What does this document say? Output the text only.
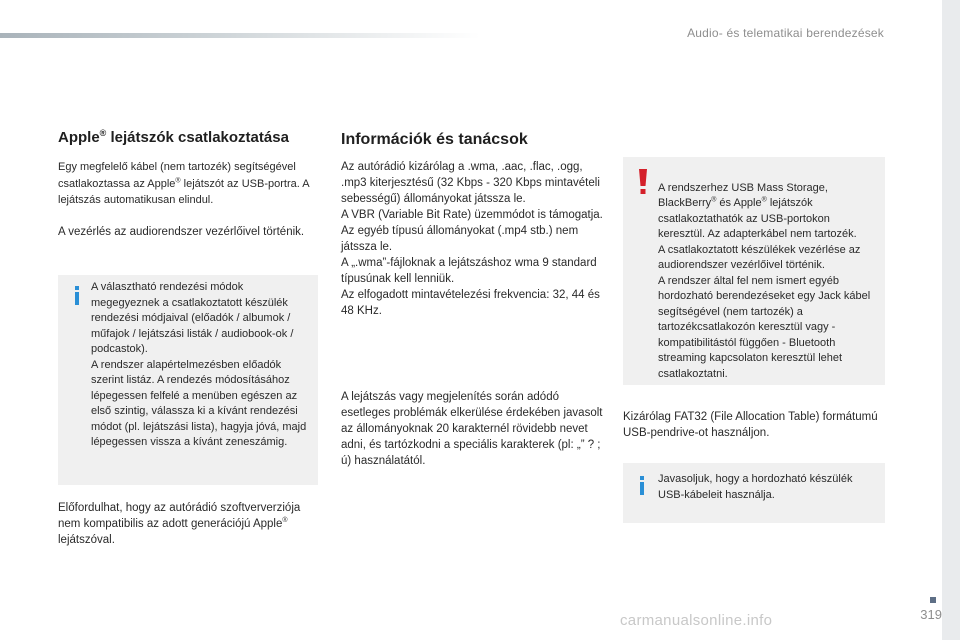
Audio- és telematikai berendezések
Apple® lejátszók csatlakoztatása

Egy megfelelő kábel (nem tartozék) segítségével csatlakoztassa az Apple® lejátszót az USB-portra. A lejátszás automatikusan elindul.

A vezérlés az audiorendszer vezérlőivel történik.

A választható rendezési módok megegyeznek a csatlakoztatott készülék rendezési módjaival (előadók / albumok / műfajok / lejátszási listák / audiobook-ok / podcastok).
A rendszer alapértelmezésben előadók szerint listáz. A rendezés módosításához lépegessen felfelé a menüben egészen az első szintig, válassza ki a kívánt rendezési módot (pl. lejátszási lista), hagyja jóvá, majd lépegessen vissza a kívánt zeneszámig.

Előfordulhat, hogy az autórádió szoftververziója nem kompatibilis az adott generációjú Apple® lejátszóval.

Információk és tanácsok

Az autórádió kizárólag a .wma, .aac, .flac, .ogg, .mp3 kiterjesztésű (32 Kbps - 320 Kbps mintavételi sebességű) állományokat játssza le.
A VBR (Variable Bit Rate) üzemmódot is támogatja.
Az egyéb típusú állományokat (.mp4 stb.) nem játssza le.
A „.wma”-fájloknak a lejátszáshoz wma 9 standard típusúnak kell lenniük.
Az elfogadott mintavételezési frekvencia: 32, 44 és 48 KHz.

A lejátszás vagy megjelenítés során adódó esetleges problémák elkerülése érdekében javasolt az állományoknak 20 karakternél rövidebb nevet adni, és tartózkodni a speciális karakterek (pl: „” ? ; ú) használatától.

A rendszerhez USB Mass Storage, BlackBerry® és Apple® lejátszók csatlakoztathatók az USB-portokon keresztül. Az adapterkábel nem tartozék.
A csatlakoztatott készülékek vezérlése az audiorendszer vezérlőivel történik.
A rendszer által fel nem ismert egyéb hordozható berendezéseket egy Jack kábel segítségével (nem tartozék) a tartozékcsatlakozón keresztül vagy - kompatibilitástól függően - Bluetooth streaming kapcsolaton keresztül lehet csatlakoztatni.

Kizárólag FAT32 (File Allocation Table) formátumú USB-pendrive-ot használjon.

Javasoljuk, hogy a hordozható készülék USB-kábeleit használja.

319
carmanualsonline.info
